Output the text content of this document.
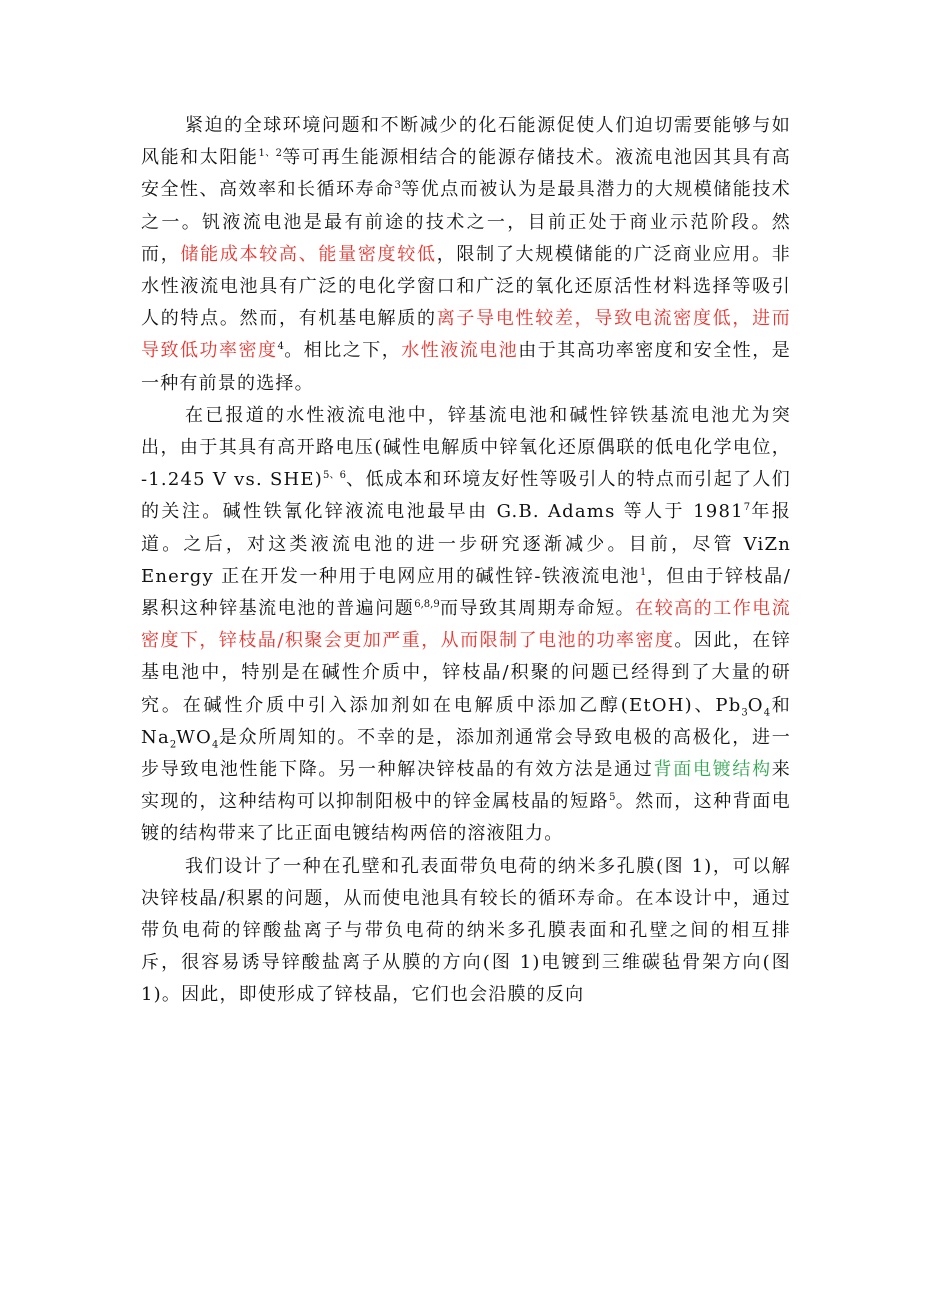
紧迫的全球环境问题和不断减少的化石能源促使人们迫切需要能够与如风能和太阳能$^{1、2}$等可再生能源相结合的能源存储技术。液流电池因其具有高安全性、高效率和长循环寿命$^3$等优点而被认为是最具潜力的大规模储能技术之一。钒液流电池是最有前途的技术之一，目前正处于商业示范阶段。然而，储能成本较高、能量密度较低，限制了大规模储能的广泛商业应用。非水性液流电池具有广泛的电化学窗口和广泛的氧化还原活性材料选择等吸引人的特点。然而，有机基电解质的离子导电性较差，导致电流密度低，进而导致低功率密度$^4$。相比之下，水性液流电池由于其高功率密度和安全性，是一种有前景的选择。

在已报道的水性液流电池中，锌基流电池和碱性锌铁基流电池尤为突出，由于其具有高开路电压(碱性电解质中锌氧化还原偶联的低电化学电位， -1.245 V vs. SHE)$^{5、6}$、低成本和环境友好性等吸引人的特点而引起了人们的关注。碱性铁氰化锌液流电池最早由 G.B. Adams 等人于 1981$^7$年报道。之后，对这类液流电池的进一步研究逐渐减少。目前，尽管 ViZn Energy 正在开发一种用于电网应用的碱性锌-铁液流电池$^1$，但由于锌枝晶/累积这种锌基流电池的普遍问题$^{6,8,9}$而导致其周期寿命短。在较高的工作电流密度下，锌枝晶/积聚会更加严重，从而限制了电池的功率密度。因此，在锌基电池中，特别是在碱性介质中，锌枝晶/积聚的问题已经得到了大量的研究。在碱性介质中引入添加剂如在电解质中添加乙醇(EtOH)、$Pb_3O_4$和 $Na_2WO_4$是众所周知的。不幸的是，添加剂通常会导致电极的高极化，进一步导致电池性能下降。另一种解决锌枝晶的有效方法是通过背面电镀结构来实现的，这种结构可以抑制阳极中的锌金属枝晶的短路$^5$。然而，这种背面电镀的结构带来了比正面电镀结构两倍的溶液阻力。

我们设计了一种在孔壁和孔表面带负电荷的纳米多孔膜(图 1)，可以解决锌枝晶/积累的问题，从而使电池具有较长的循环寿命。在本设计中，通过带负电荷的锌酸盐离子与带负电荷的纳米多孔膜表面和孔壁之间的相互排斥，很容易诱导锌酸盐离子从膜的方向(图 1)电镀到三维碳毡骨架方向(图 1)。因此，即使形成了锌枝晶，它们也会沿膜的反向
